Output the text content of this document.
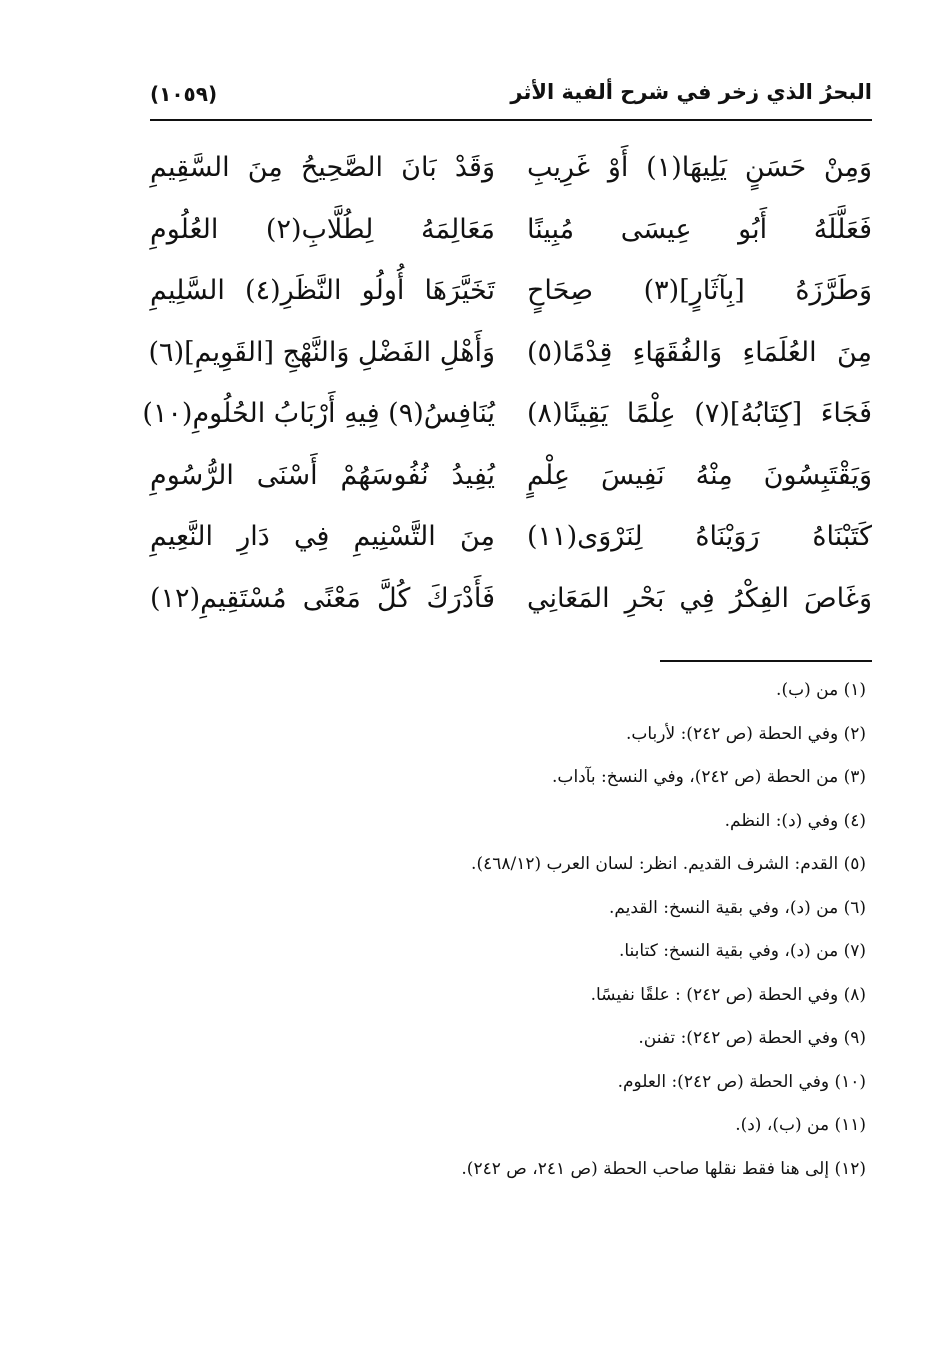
البحرُ الذي زخر في شرح ألفية الأثر
(١٠٥٩)
وَمِنْ حَسَنٍ يَلِيهَا(١) أَوْ غَرِيبِ
وَقَدْ بَانَ الصَّحِيحُ مِنَ السَّقِيمِ
فَعَلَّلَهُ أَبُو عِيسَى مُبِينًا
مَعَالِمَهُ لِطُلَّابِ(٢) العُلُومِ
وَطَرَّزَهُ [بِآثَارٍ](٣) صِحَاحٍ
تَخَيَّرَهَا أُولُو النَّظَرِ(٤) السَّلِيمِ
مِنَ العُلَمَاءِ وَالفُقَهَاءِ قِدْمًا(٥)
وَأَهْلِ الفَضْلِ وَالنَّهْجِ [القَوِيمِ](٦)
فَجَاءَ [كِتَابُهُ](٧) عِلْمًا يَقِينًا(٨)
يُنَافِسُ(٩) فِيهِ أَرْبَابُ الحُلُومِ(١٠)
وَيَقْتَبِسُونَ مِنْهُ نَفِيسَ عِلْمٍ
يُفِيدُ نُفُوسَهُمْ أَسْنَى الرُّسُومِ
كَتَبْنَاهُ رَوَيْنَاهُ لِنَرْوَى(١١)
مِنَ التَّسْنِيمِ فِي دَارِ النَّعِيمِ
وَغَاصَ الفِكْرُ فِي بَحْرِ المَعَانِي
فَأَدْرَكَ كُلَّ مَعْنًى مُسْتَقِيمِ(١٢)
(١) من (ب).
(٢) وفي الحطة (ص ٢٤٢): لأرباب.
(٣) من الحطة (ص ٢٤٢)، وفي النسخ: بآداب.
(٤) وفي (د): النظم.
(٥) القدم: الشرف القديم. انظر: لسان العرب (٤٦٨/١٢).
(٦) من (د)، وفي بقية النسخ: القديم.
(٧) من (د)، وفي بقية النسخ: كتابنا.
(٨) وفي الحطة (ص ٢٤٢) : علقًا نفيسًا.
(٩) وفي الحطة (ص ٢٤٢): تفنن.
(١٠) وفي الحطة (ص ٢٤٢): العلوم.
(١١) من (ب)، (د).
(١٢) إلى هنا فقط نقلها صاحب الحطة (ص ٢٤١، ص ٢٤٢).
